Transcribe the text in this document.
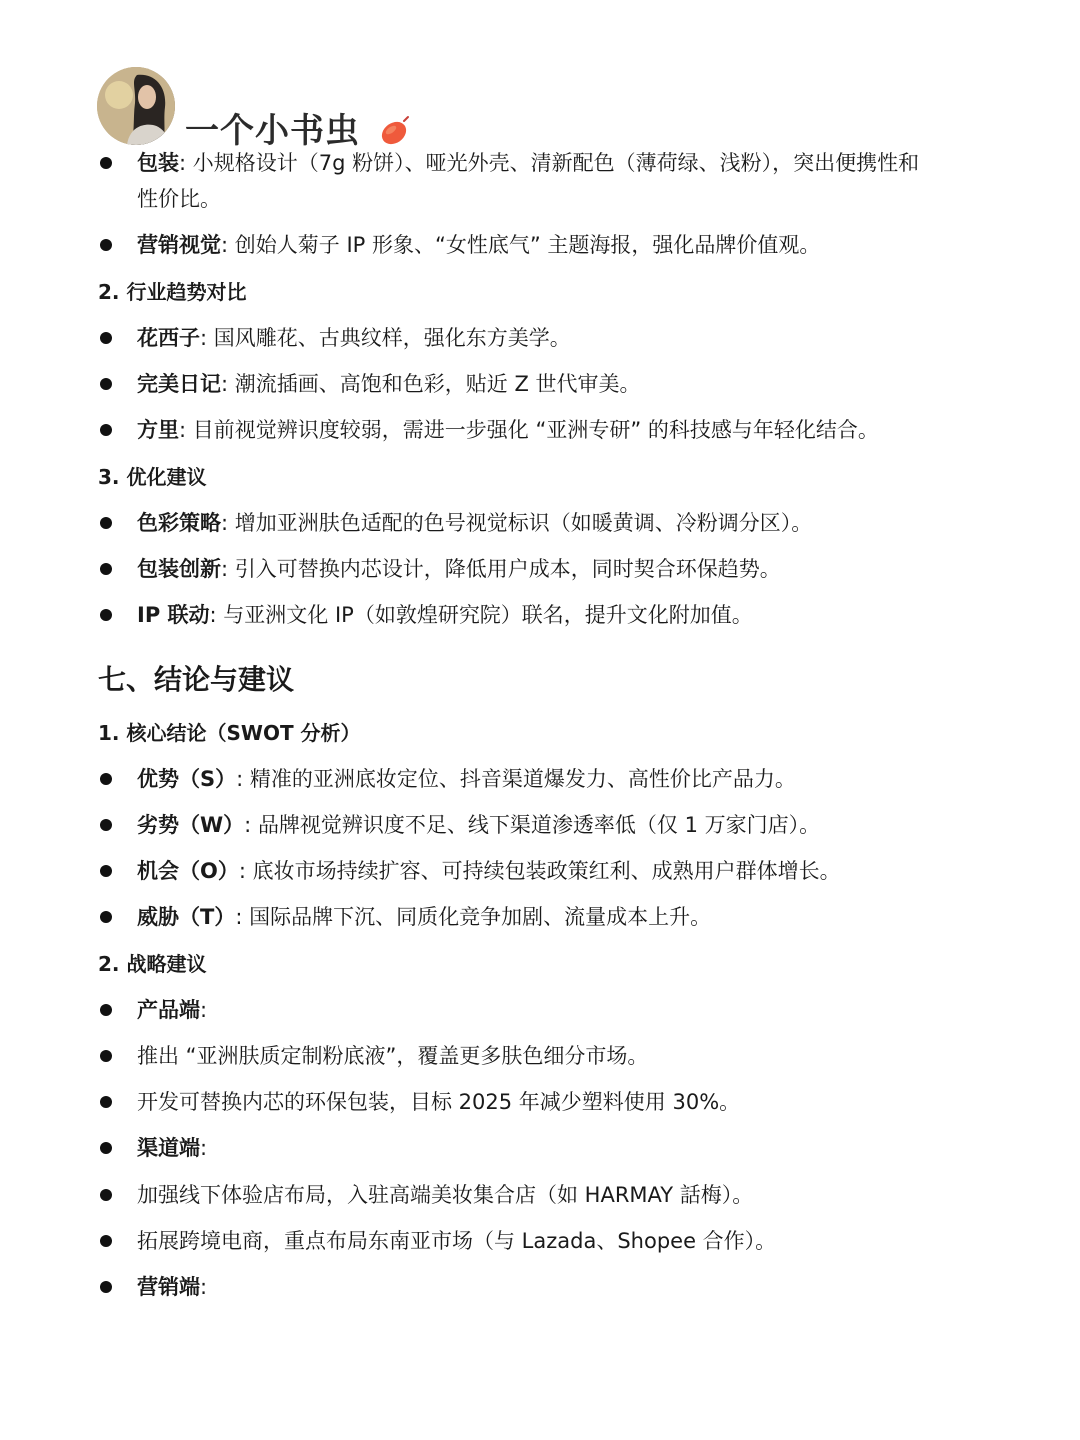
一个小书虫
包装: 小规格设计（7g 粉饼）、哑光外壳、清新配色（薄荷绿、浅粉），突出便携性和
性价比。
营销视觉: 创始人菊子 IP 形象、“女性底气” 主题海报，强化品牌价值观。
2. 行业趋势对比
花西子: 国风雕花、古典纹样，强化东方美学。
完美日记: 潮流插画、高饱和色彩，贴近 Z 世代审美。
方里: 目前视觉辨识度较弱，需进一步强化 “亚洲专研” 的科技感与年轻化结合。
3. 优化建议
色彩策略: 增加亚洲肤色适配的色号视觉标识（如暖黄调、冷粉调分区）。
包装创新: 引入可替换内芯设计，降低用户成本，同时契合环保趋势。
IP 联动: 与亚洲文化 IP（如敦煌研究院）联名，提升文化附加值。
七、结论与建议
1. 核心结论（SWOT 分析）
优势（S）: 精准的亚洲底妆定位、抖音渠道爆发力、高性价比产品力。
劣势（W）: 品牌视觉辨识度不足、线下渠道渗透率低（仅 1 万家门店）。
机会（O）: 底妆市场持续扩容、可持续包装政策红利、成熟用户群体增长。
威胁（T）: 国际品牌下沉、同质化竞争加剧、流量成本上升。
2. 战略建议
产品端:
推出 “亚洲肤质定制粉底液”，覆盖更多肤色细分市场。
开发可替换内芯的环保包装，目标 2025 年减少塑料使用 30%。
渠道端:
加强线下体验店布局，入驻高端美妆集合店（如 HARMAY 話梅）。
拓展跨境电商，重点布局东南亚市场（与 Lazada、Shopee 合作）。
营销端:
